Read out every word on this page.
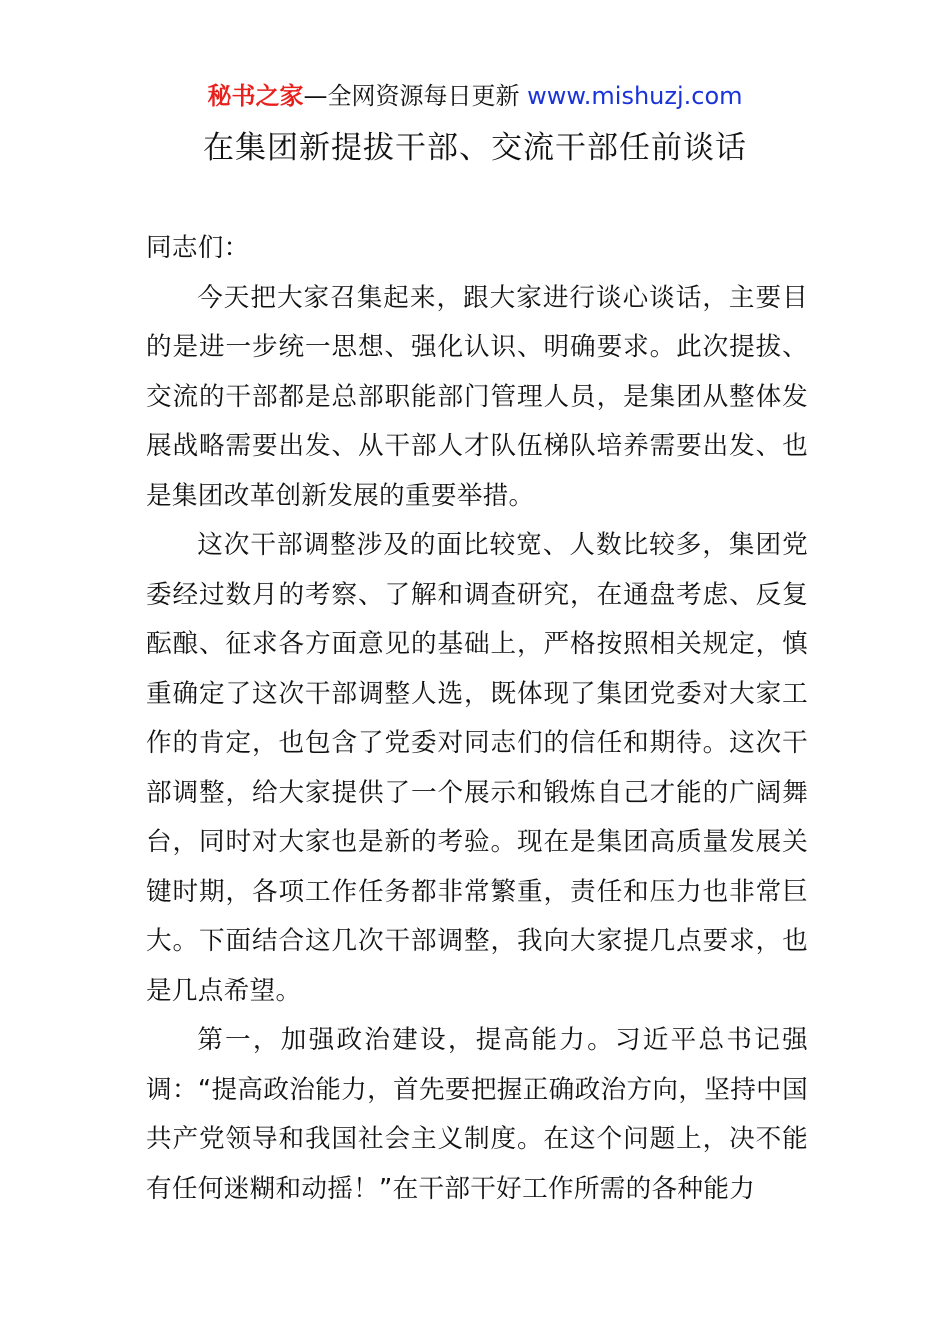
秘书之家—全网资源每日更新 www.mishuzj.com
在集团新提拔干部、交流干部任前谈话

同志们：

今天把大家召集起来，跟大家进行谈心谈话，主要目的是进一步统一思想、强化认识、明确要求。此次提拔、交流的干部都是总部职能部门管理人员，是集团从整体发展战略需要出发、从干部人才队伍梯队培养需要出发、也是集团改革创新发展的重要举措。

这次干部调整涉及的面比较宽、人数比较多，集团党委经过数月的考察、了解和调查研究，在通盘考虑、反复酝酿、征求各方面意见的基础上，严格按照相关规定，慎重确定了这次干部调整人选，既体现了集团党委对大家工作的肯定，也包含了党委对同志们的信任和期待。这次干部调整，给大家提供了一个展示和锻炼自己才能的广阔舞台，同时对大家也是新的考验。现在是集团高质量发展关键时期，各项工作任务都非常繁重，责任和压力也非常巨大。下面结合这几次干部调整，我向大家提几点要求，也是几点希望。

第一，加强政治建设，提高能力。习近平总书记强调：“提高政治能力，首先要把握正确政治方向，坚持中国共产党领导和我国社会主义制度。在这个问题上，决不能有任何迷糊和动摇！”在干部干好工作所需的各种能力
